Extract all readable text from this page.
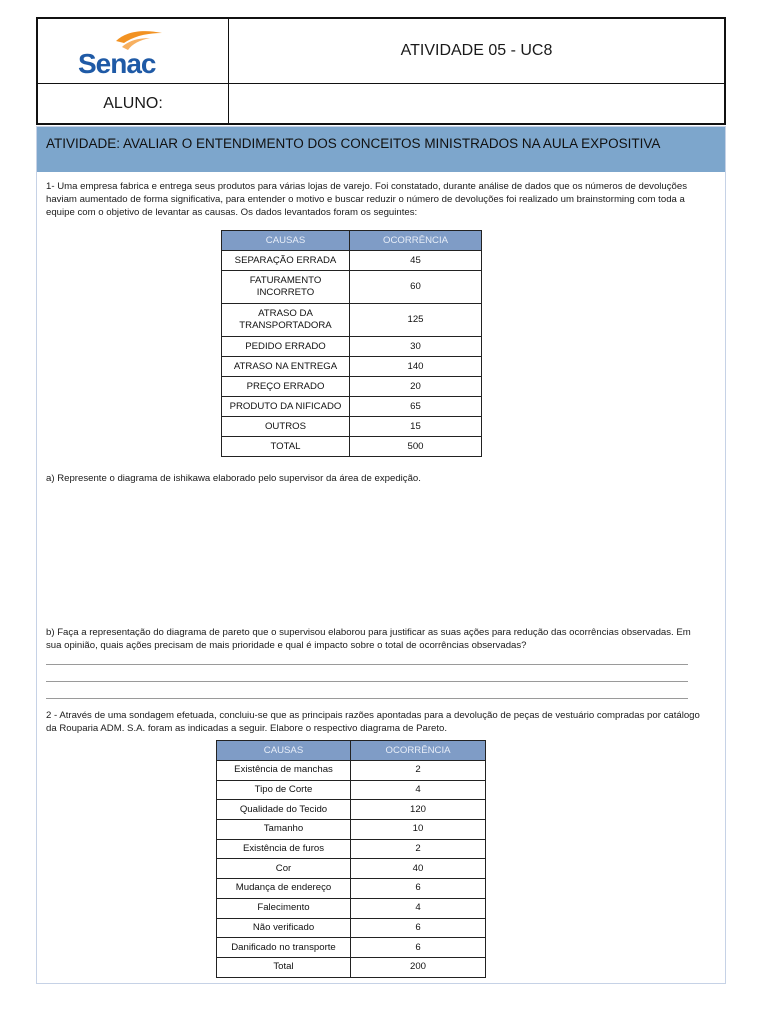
Senac	ATIVIDADE 05 - UC8
ALUNO:
ATIVIDADE: AVALIAR O ENTENDIMENTO DOS CONCEITOS MINISTRADOS NA AULA EXPOSITIVA
1- Uma empresa fabrica e entrega seus produtos para várias lojas de varejo. Foi constatado, durante análise de dados que os números de devoluções haviam aumentado de forma significativa, para entender o motivo e buscar reduzir o número de devoluções foi realizado um brainstorming com toda a equipe com o objetivo de levantar as causas. Os dados levantados foram os seguintes:
CAUSAS	OCORRÊNCIA
SEPARAÇÃO ERRADA	45
FATURAMENTO INCORRETO	60
ATRASO DA TRANSPORTADORA	125
PEDIDO ERRADO	30
ATRASO NA ENTREGA	140
PREÇO ERRADO	20
PRODUTO DA NIFICADO	65
OUTROS	15
TOTAL	500
a) Represente o diagrama de ishikawa elaborado pelo supervisor da área de expedição.
b) Faça a representação do diagrama de pareto que o supervisou elaborou para justificar as suas ações para redução das ocorrências observadas. Em sua opinião, quais ações precisam de mais prioridade e qual é impacto sobre o total de ocorrências observadas?
2 - Através de uma sondagem efetuada, concluiu-se que as principais razões apontadas para a devolução de peças de vestuário compradas por catálogo da Rouparia ADM. S.A. foram as indicadas a seguir. Elabore o respectivo diagrama de Pareto.
CAUSAS	OCORRÊNCIA
Existência de manchas	2
Tipo de Corte	4
Qualidade do Tecido	120
Tamanho	10
Existência de furos	2
Cor	40
Mudança de endereço	6
Falecimento	4
Não verificado	6
Danificado no transporte	6
Total	200
